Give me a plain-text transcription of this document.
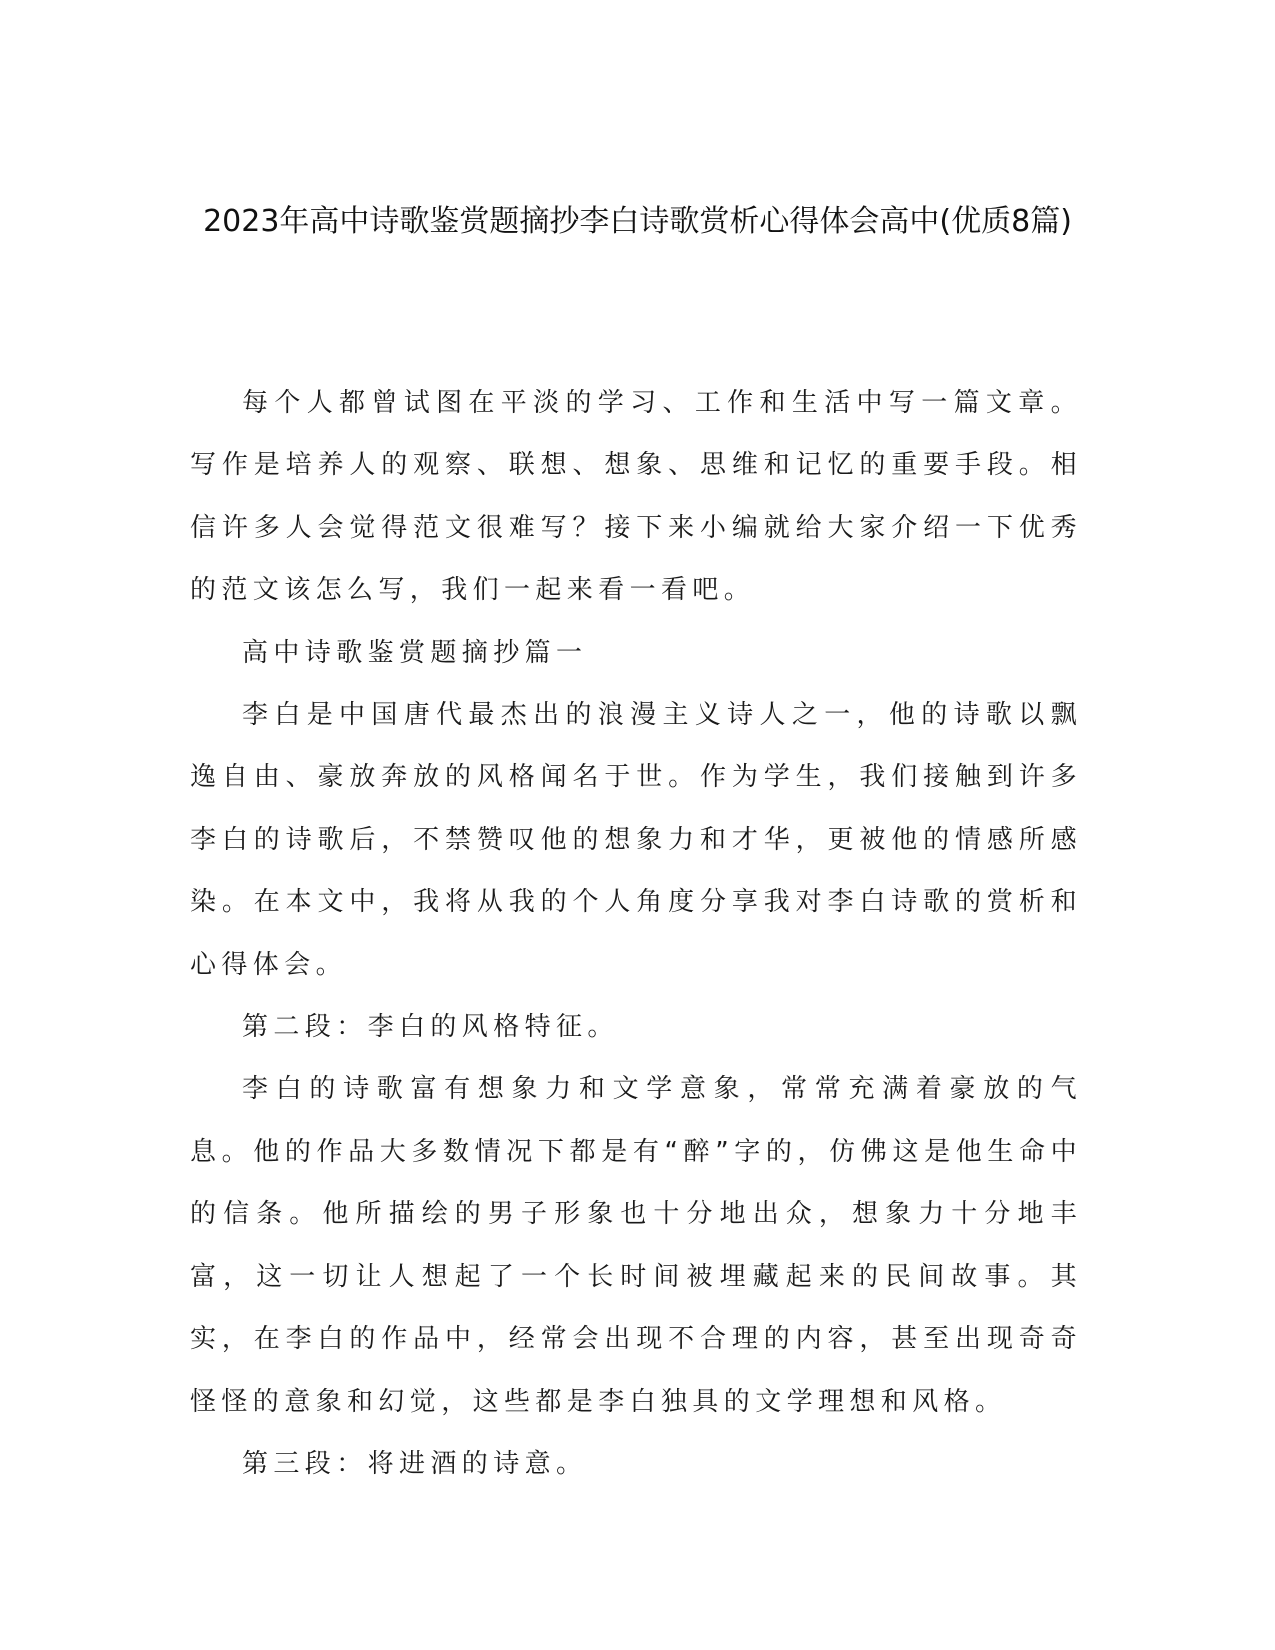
2023年高中诗歌鉴赏题摘抄李白诗歌赏析心得体会高中(优质8篇)

每个人都曾试图在平淡的学习、工作和生活中写一篇文章。写作是培养人的观察、联想、想象、思维和记忆的重要手段。相信许多人会觉得范文很难写？接下来小编就给大家介绍一下优秀的范文该怎么写，我们一起来看一看吧。

高中诗歌鉴赏题摘抄篇一

李白是中国唐代最杰出的浪漫主义诗人之一，他的诗歌以飘逸自由、豪放奔放的风格闻名于世。作为学生，我们接触到许多李白的诗歌后，不禁赞叹他的想象力和才华，更被他的情感所感染。在本文中，我将从我的个人角度分享我对李白诗歌的赏析和心得体会。

第二段：李白的风格特征。

李白的诗歌富有想象力和文学意象，常常充满着豪放的气息。他的作品大多数情况下都是有“醉”字的，仿佛这是他生命中的信条。他所描绘的男子形象也十分地出众，想象力十分地丰富，这一切让人想起了一个长时间被埋藏起来的民间故事。其实，在李白的作品中，经常会出现不合理的内容，甚至出现奇奇怪怪的意象和幻觉，这些都是李白独具的文学理想和风格。

第三段：将进酒的诗意。
